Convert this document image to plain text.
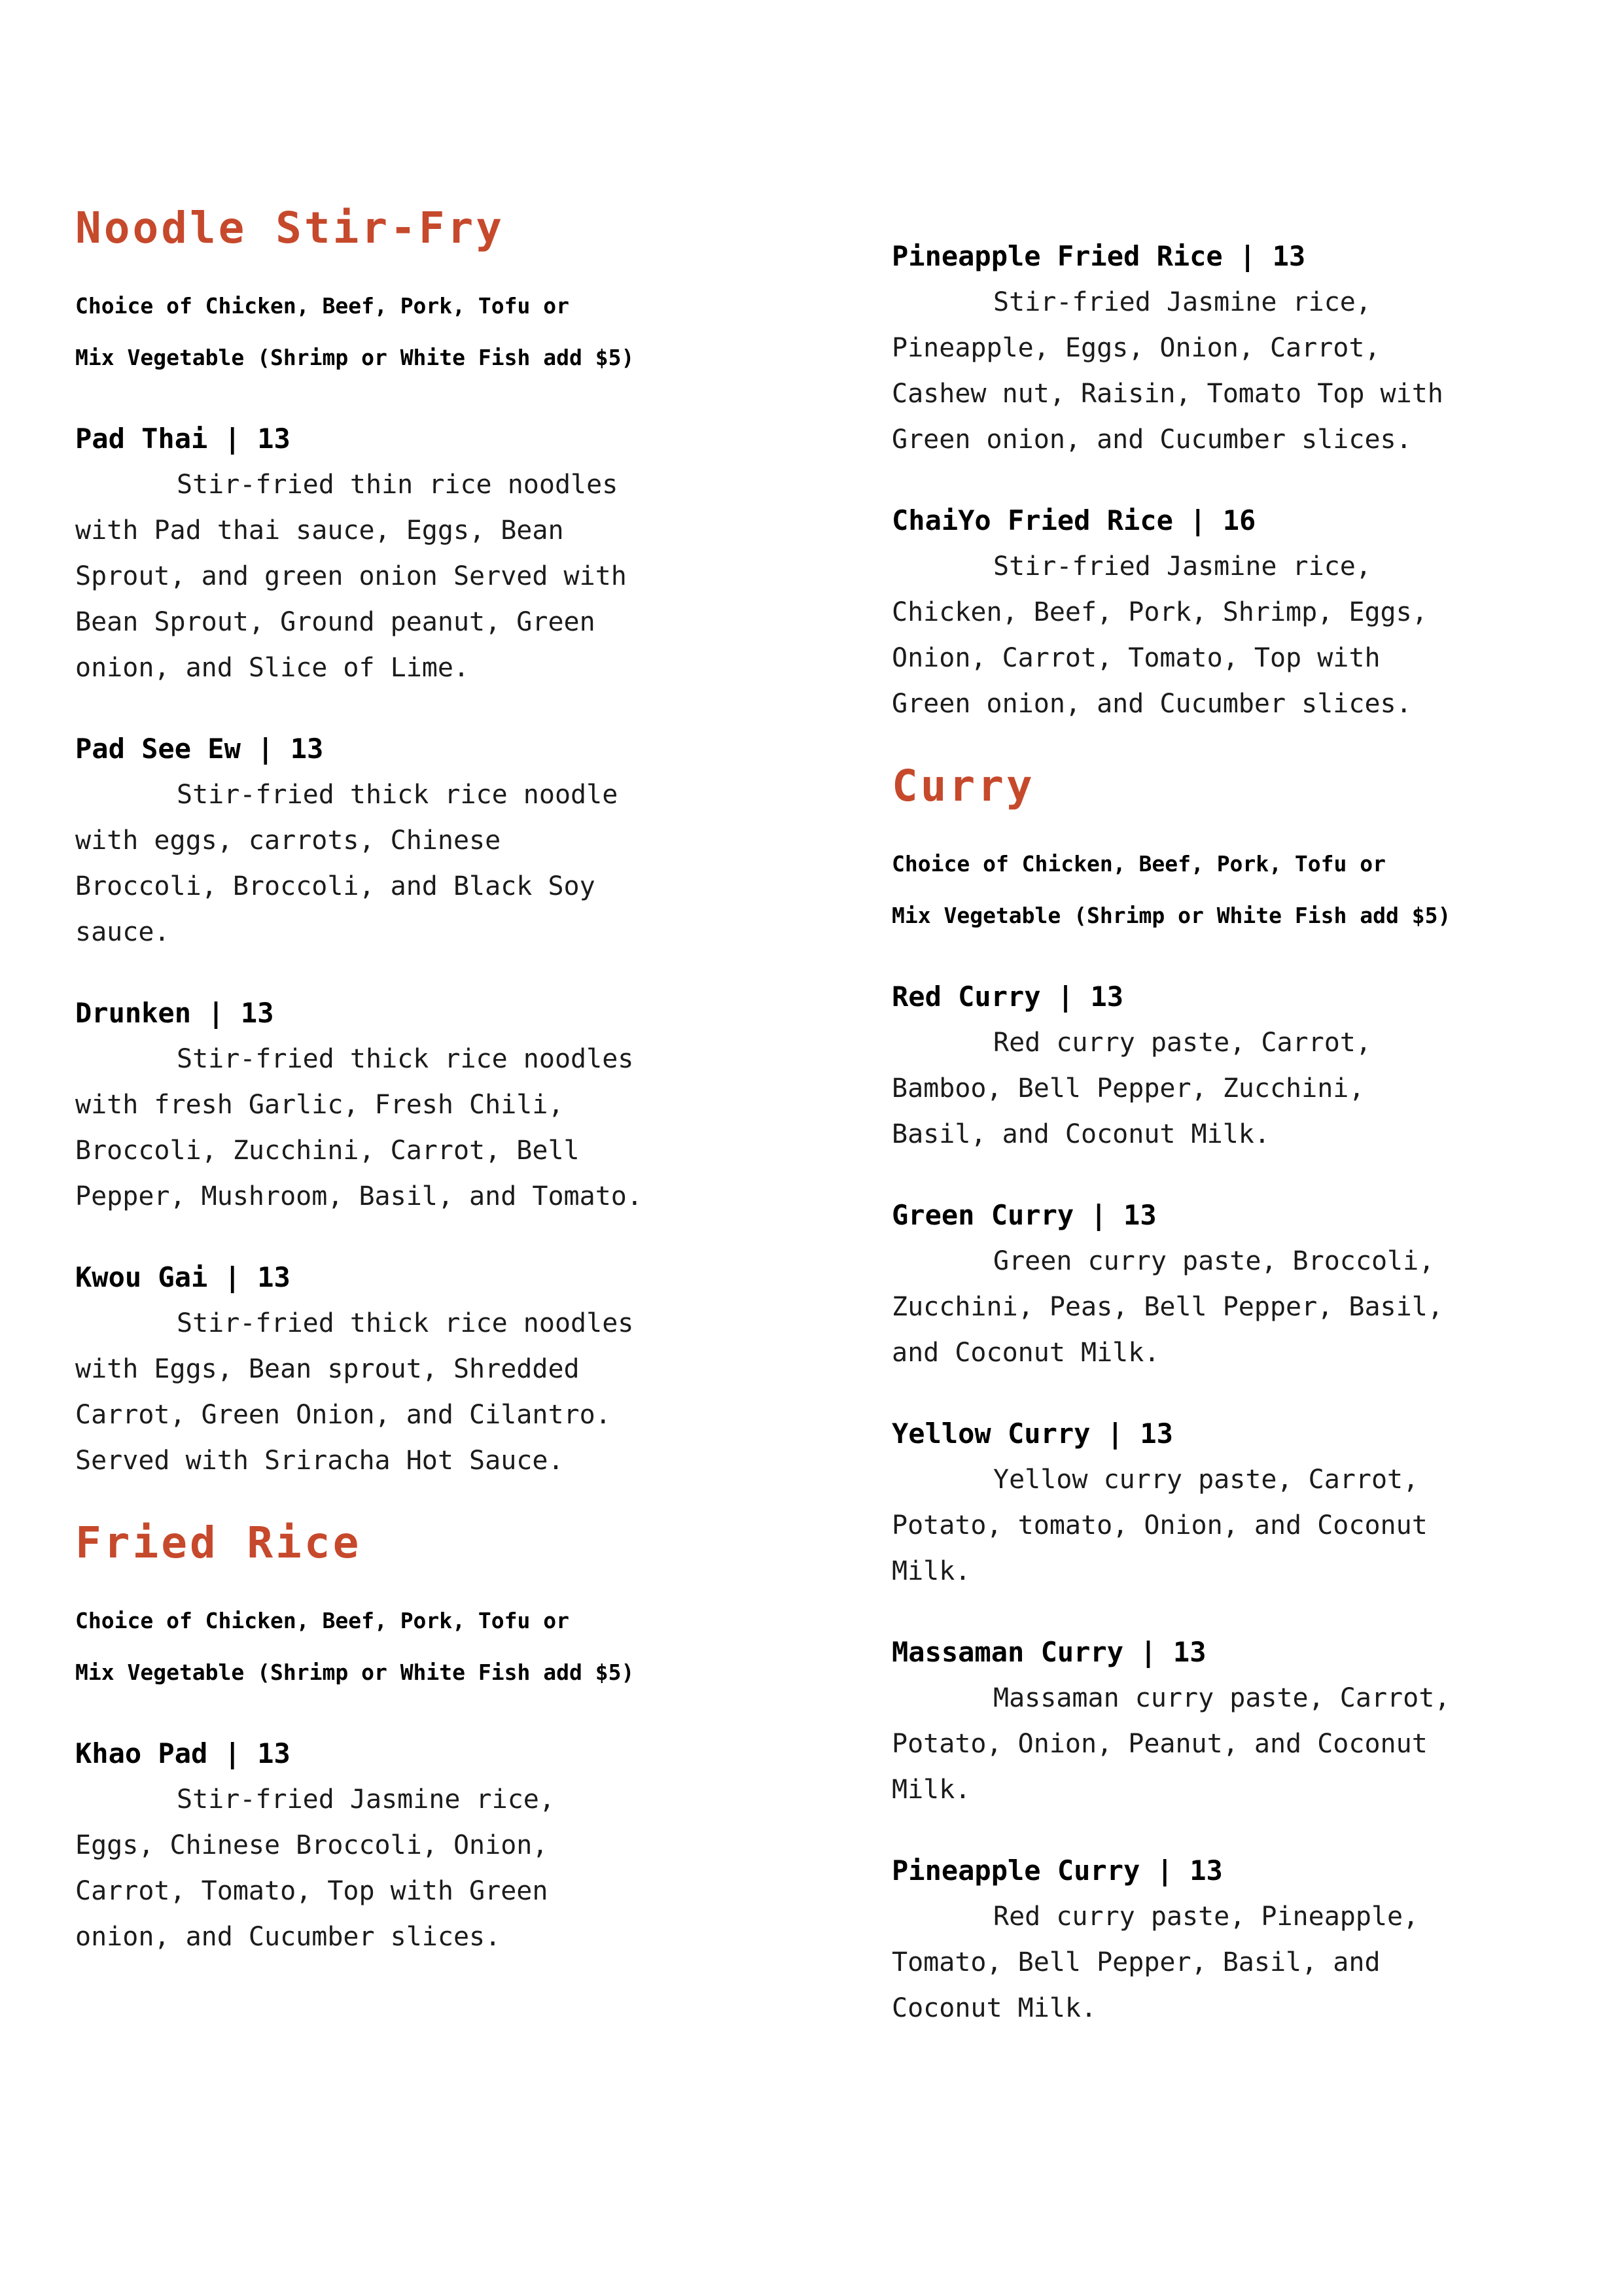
Noodle Stir-Fry
Choice of Chicken, Beef, Pork, Tofu or
Mix Vegetable (Shrimp or White Fish add $5)
Pad Thai | 13

Stir-fried thin rice noodles with Pad thai sauce, Eggs, Bean Sprout, and green onion Served with Bean Sprout, Ground peanut, Green onion, and Slice of Lime.

Pad See Ew | 13

Stir-fried thick rice noodle with eggs, carrots, Chinese Broccoli, Broccoli, and Black Soy sauce.

Drunken | 13

Stir-fried thick rice noodles with fresh Garlic, Fresh Chili, Broccoli, Zucchini, Carrot, Bell Pepper, Mushroom, Basil, and Tomato.

Kwou Gai | 13

Stir-fried thick rice noodles with Eggs, Bean sprout, Shredded Carrot, Green Onion, and Cilantro. Served with Sriracha Hot Sauce.

Fried Rice
Choice of Chicken, Beef, Pork, Tofu or
Mix Vegetable (Shrimp or White Fish add $5)
Khao Pad | 13

Stir-fried Jasmine rice, Eggs, Chinese Broccoli, Onion, Carrot, Tomato, Top with Green onion, and Cucumber slices.

Pineapple Fried Rice | 13

Stir-fried Jasmine rice, Pineapple, Eggs, Onion, Carrot, Cashew nut, Raisin, Tomato Top with Green onion, and Cucumber slices.

ChaiYo Fried Rice | 16

Stir-fried Jasmine rice, Chicken, Beef, Pork, Shrimp, Eggs, Onion, Carrot, Tomato, Top with Green onion, and Cucumber slices.

Curry
Choice of Chicken, Beef, Pork, Tofu or
Mix Vegetable (Shrimp or White Fish add $5)
Red Curry | 13

Red curry paste, Carrot, Bamboo, Bell Pepper, Zucchini, Basil, and Coconut Milk.

Green Curry | 13

Green curry paste, Broccoli, Zucchini, Peas, Bell Pepper, Basil, and Coconut Milk.

Yellow Curry | 13

Yellow curry paste, Carrot, Potato, tomato, Onion, and Coconut Milk.

Massaman Curry | 13

Massaman curry paste, Carrot, Potato, Onion, Peanut, and Coconut Milk.

Pineapple Curry | 13

Red curry paste, Pineapple, Tomato, Bell Pepper, Basil, and Coconut Milk.
